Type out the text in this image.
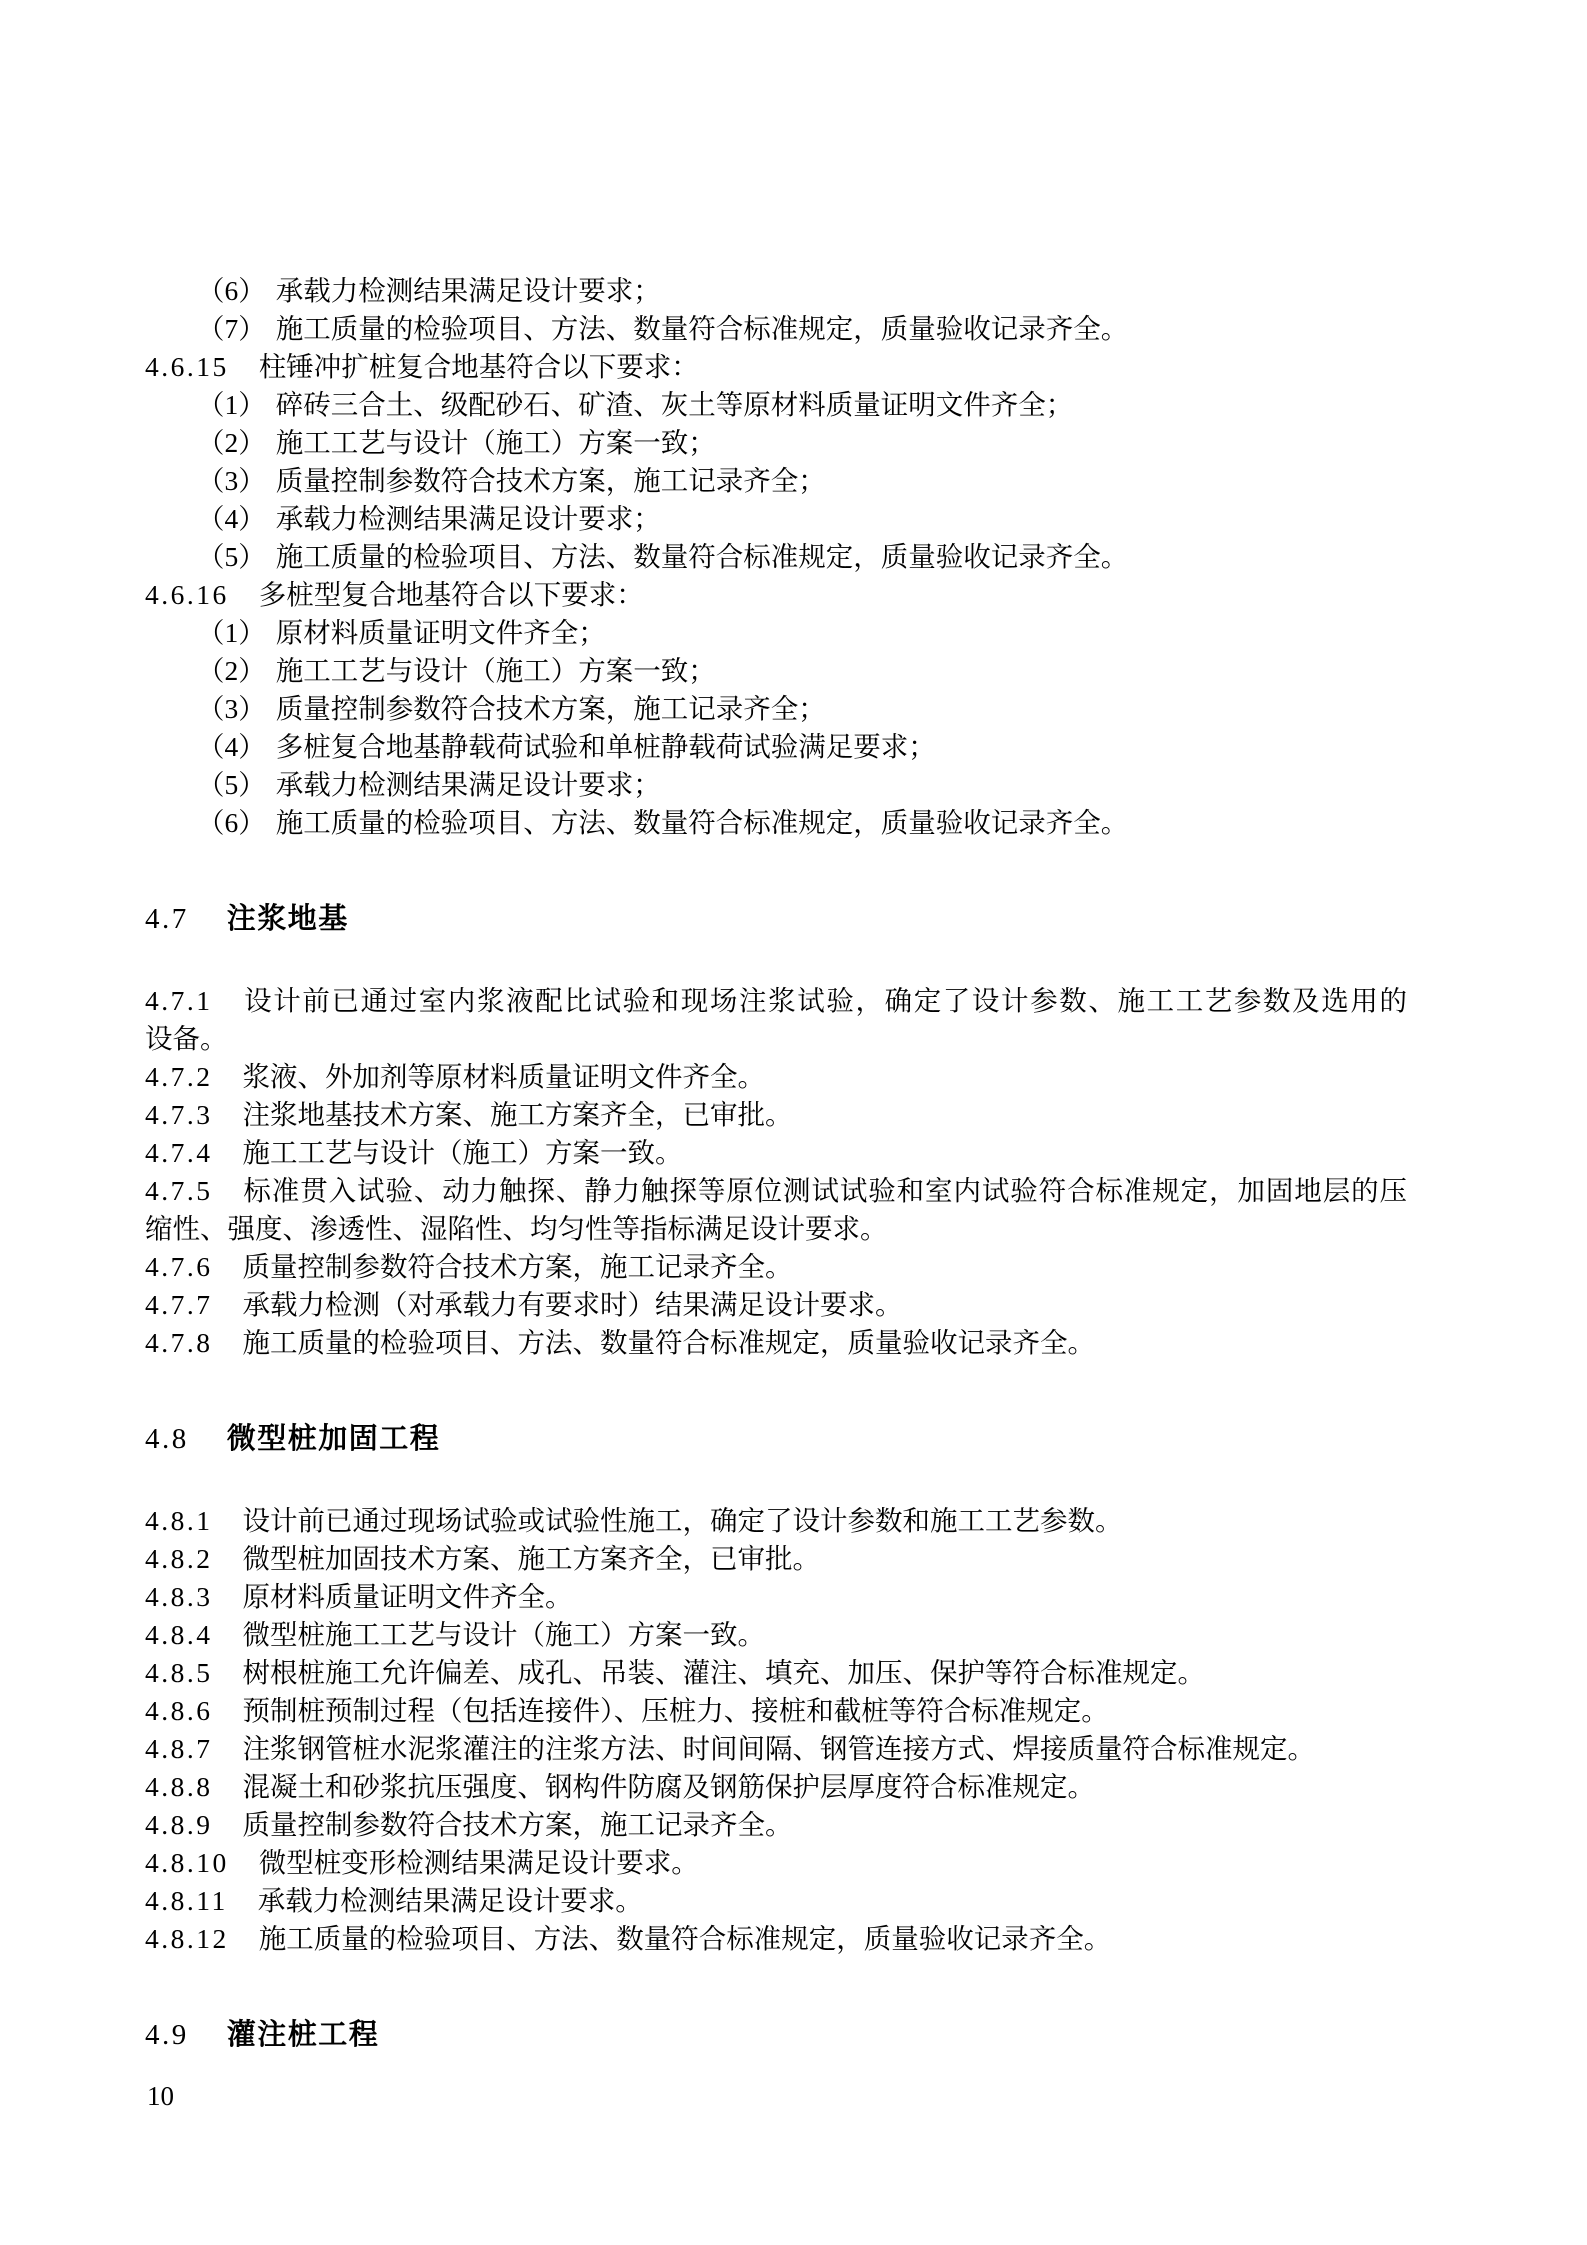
（6） 承载力检测结果满足设计要求；
（7） 施工质量的检验项目、方法、数量符合标准规定，质量验收记录齐全。
4.6.15 柱锤冲扩桩复合地基符合以下要求：
（1） 碎砖三合土、级配砂石、矿渣、灰土等原材料质量证明文件齐全；
（2） 施工工艺与设计（施工）方案一致；
（3） 质量控制参数符合技术方案，施工记录齐全；
（4） 承载力检测结果满足设计要求；
（5） 施工质量的检验项目、方法、数量符合标准规定，质量验收记录齐全。
4.6.16 多桩型复合地基符合以下要求：
（1） 原材料质量证明文件齐全；
（2） 施工工艺与设计（施工）方案一致；
（3） 质量控制参数符合技术方案，施工记录齐全；
（4） 多桩复合地基静载荷试验和单桩静载荷试验满足要求；
（5） 承载力检测结果满足设计要求；
（6） 施工质量的检验项目、方法、数量符合标准规定，质量验收记录齐全。
4.7 注浆地基
4.7.1 设计前已通过室内浆液配比试验和现场注浆试验，确定了设计参数、施工工艺参数及选用的
设备。
4.7.2 浆液、外加剂等原材料质量证明文件齐全。
4.7.3 注浆地基技术方案、施工方案齐全，已审批。
4.7.4 施工工艺与设计（施工）方案一致。
4.7.5 标准贯入试验、动力触探、静力触探等原位测试试验和室内试验符合标准规定，加固地层的压
缩性、强度、渗透性、湿陷性、均匀性等指标满足设计要求。
4.7.6 质量控制参数符合技术方案，施工记录齐全。
4.7.7 承载力检测（对承载力有要求时）结果满足设计要求。
4.7.8 施工质量的检验项目、方法、数量符合标准规定，质量验收记录齐全。
4.8 微型桩加固工程
4.8.1 设计前已通过现场试验或试验性施工，确定了设计参数和施工工艺参数。
4.8.2 微型桩加固技术方案、施工方案齐全，已审批。
4.8.3 原材料质量证明文件齐全。
4.8.4 微型桩施工工艺与设计（施工）方案一致。
4.8.5 树根桩施工允许偏差、成孔、吊装、灌注、填充、加压、保护等符合标准规定。
4.8.6 预制桩预制过程（包括连接件）、压桩力、接桩和截桩等符合标准规定。
4.8.7 注浆钢管桩水泥浆灌注的注浆方法、时间间隔、钢管连接方式、焊接质量符合标准规定。
4.8.8 混凝土和砂浆抗压强度、钢构件防腐及钢筋保护层厚度符合标准规定。
4.8.9 质量控制参数符合技术方案，施工记录齐全。
4.8.10 微型桩变形检测结果满足设计要求。
4.8.11 承载力检测结果满足设计要求。
4.8.12 施工质量的检验项目、方法、数量符合标准规定，质量验收记录齐全。
4.9 灌注桩工程
10
